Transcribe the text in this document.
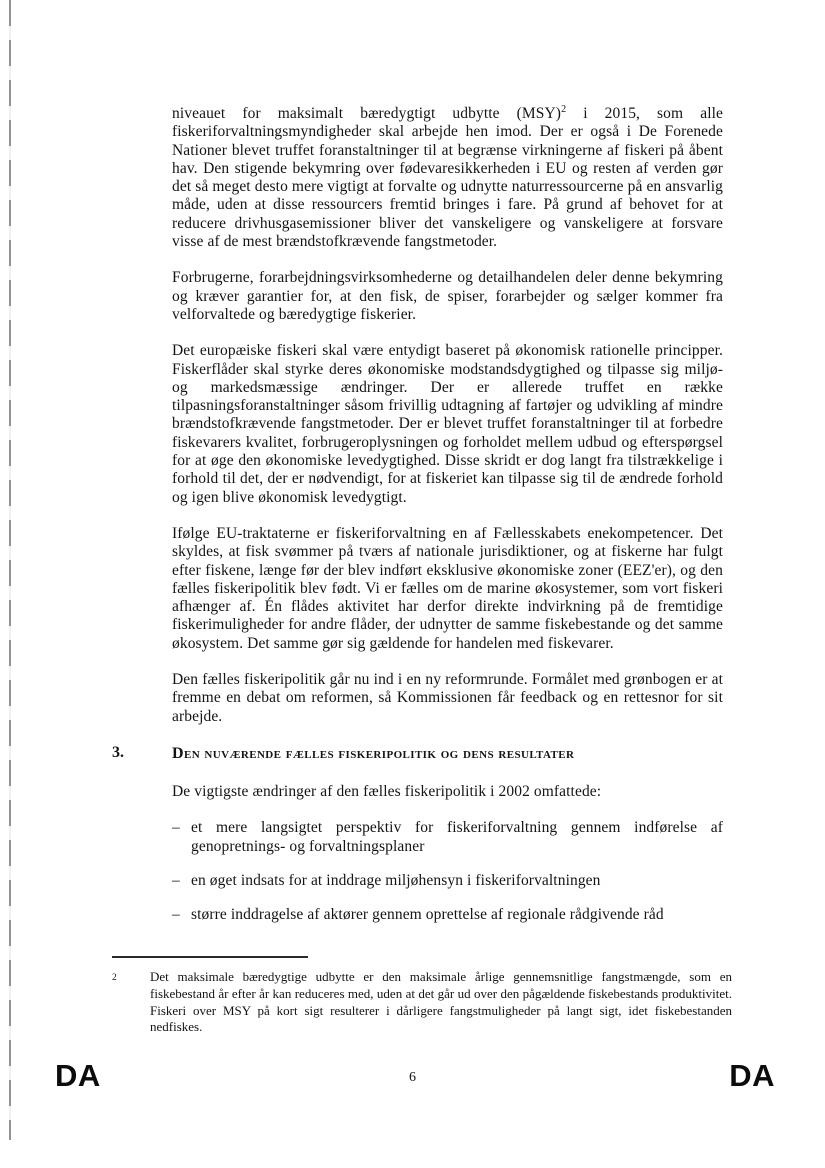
niveauet for maksimalt bæredygtigt udbytte (MSY)$^2$ i 2015, som alle fiskeriforvaltningsmyndigheder skal arbejde hen imod. Der er også i De Forenede Nationer blevet truffet foranstaltninger til at begrænse virkningerne af fiskeri på åbent hav. Den stigende bekymring over fødevaresikkerheden i EU og resten af verden gør det så meget desto mere vigtigt at forvalte og udnytte naturressourcerne på en ansvarlig måde, uden at disse ressourcers fremtid bringes i fare. På grund af behovet for at reducere drivhusgasemissioner bliver det vanskeligere og vanskeligere at forsvare visse af de mest brændstofkrævende fangstmetoder.

Forbrugerne, forarbejdningsvirksomhederne og detailhandelen deler denne bekymring og kræver garantier for, at den fisk, de spiser, forarbejder og sælger kommer fra velforvaltede og bæredygtige fiskerier.

Det europæiske fiskeri skal være entydigt baseret på økonomisk rationelle principper. Fiskerflåder skal styrke deres økonomiske modstandsdygtighed og tilpasse sig miljø- og markedsmæssige ændringer. Der er allerede truffet en række tilpasningsforanstaltninger såsom frivillig udtagning af fartøjer og udvikling af mindre brændstofkrævende fangstmetoder. Der er blevet truffet foranstaltninger til at forbedre fiskevarers kvalitet, forbrugeroplysningen og forholdet mellem udbud og efterspørgsel for at øge den økonomiske levedygtighed. Disse skridt er dog langt fra tilstrækkelige i forhold til det, der er nødvendigt, for at fiskeriet kan tilpasse sig til de ændrede forhold og igen blive økonomisk levedygtigt.

Ifølge EU-traktaterne er fiskeriforvaltning en af Fællesskabets enekompetencer. Det skyldes, at fisk svømmer på tværs af nationale jurisdiktioner, og at fiskerne har fulgt efter fiskene, længe før der blev indført eksklusive økonomiske zoner (EEZ'er), og den fælles fiskeripolitik blev født. Vi er fælles om de marine økosystemer, som vort fiskeri afhænger af. Én flådes aktivitet har derfor direkte indvirkning på de fremtidige fiskerimuligheder for andre flåder, der udnytter de samme fiskebestande og det samme økosystem. Det samme gør sig gældende for handelen med fiskevarer.

Den fælles fiskeripolitik går nu ind i en ny reformrunde. Formålet med grønbogen er at fremme en debat om reformen, så Kommissionen får feedback og en rettesnor for sit arbejde.

3.	Den nuværende fælles fiskeripolitik og dens resultater

De vigtigste ændringer af den fælles fiskeripolitik i 2002 omfattede:

– et mere langsigtet perspektiv for fiskeriforvaltning gennem indførelse af genopretnings- og forvaltningsplaner
– en øget indsats for at inddrage miljøhensyn i fiskeriforvaltningen
– større inddragelse af aktører gennem oprettelse af regionale rådgivende råd
2	Det maksimale bæredygtige udbytte er den maksimale årlige gennemsnitlige fangstmængde, som en fiskebestand år efter år kan reduceres med, uden at det går ud over den pågældende fiskebestands produktivitet. Fiskeri over MSY på kort sigt resulterer i dårligere fangstmuligheder på langt sigt, idet fiskebestanden nedfiskes.
DA	6	DA
